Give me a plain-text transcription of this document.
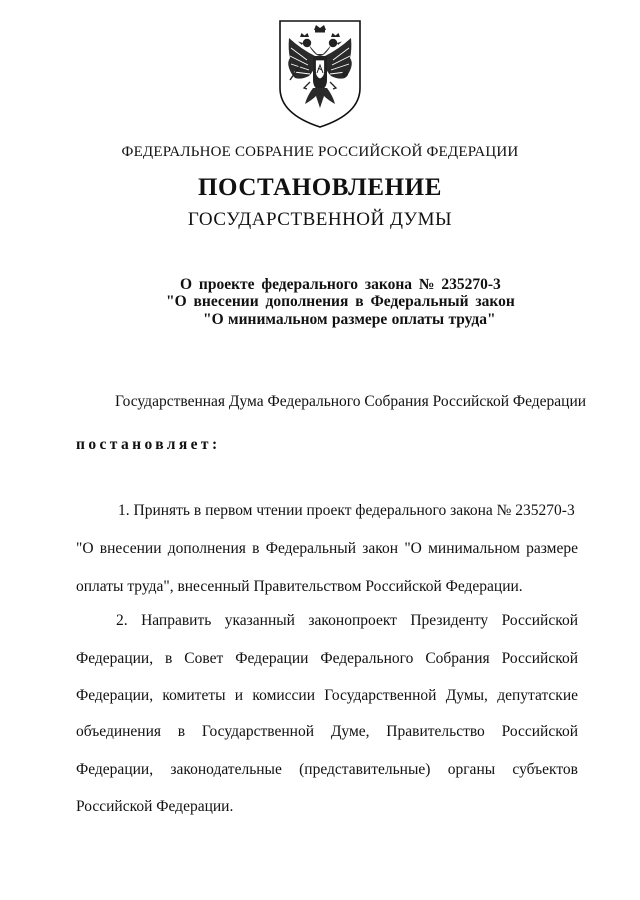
ФЕДЕРАЛЬНОЕ СОБРАНИЕ РОССИЙСКОЙ ФЕДЕРАЦИИ
ПОСТАНОВЛЕНИЕ
ГОСУДАРСТВЕННОЙ ДУМЫ
О проекте федерального закона № 235270-3
"О внесении дополнения в Федеральный закон
"О минимальном размере оплаты труда"
Государственная Дума Федерального Собрания Российской Федерации
постановляет:
1. Принять в первом чтении проект федерального закона № 235270-3
"О внесении дополнения в Федеральный закон "О минимальном размере
оплаты труда", внесенный Правительством Российской Федерации.
2. Направить указанный законопроект Президенту Российской
Федерации, в Совет Федерации Федерального Собрания Российской
Федерации, комитеты и комиссии Государственной Думы, депутатские
объединения в Государственной Думе, Правительство Российской
Федерации, законодательные (представительные) органы субъектов
Российской Федерации.
